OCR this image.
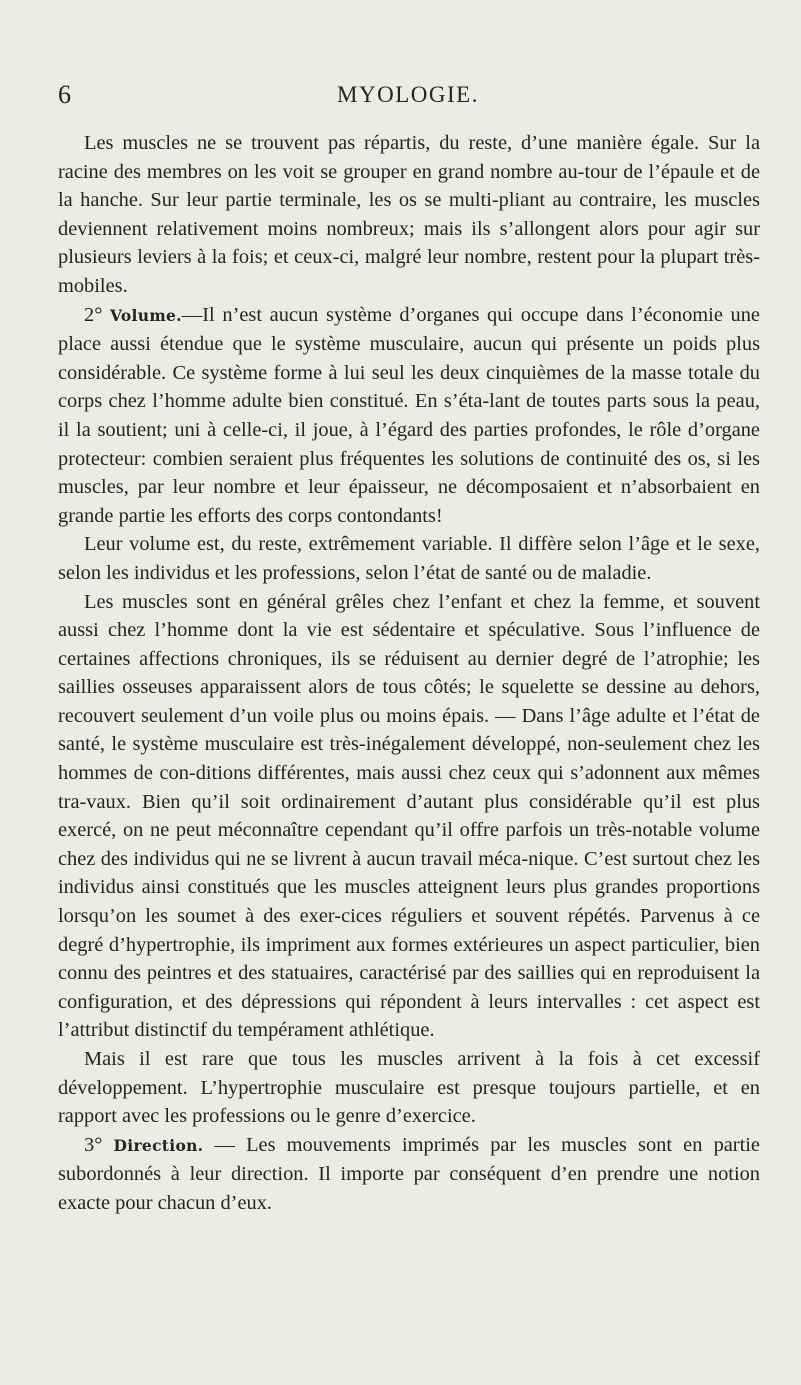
6	MYOLOGIE.

Les muscles ne se trouvent pas répartis, du reste, d’une manière égale. Sur la racine des membres on les voit se grouper en grand nombre au-tour de l’épaule et de la hanche. Sur leur partie terminale, les os se multi-pliant au contraire, les muscles deviennent relativement moins nombreux; mais ils s’allongent alors pour agir sur plusieurs leviers à la fois; et ceux-ci, malgré leur nombre, restent pour la plupart très-mobiles.

2° Volume.—Il n’est aucun système d’organes qui occupe dans l’économie une place aussi étendue que le système musculaire, aucun qui présente un poids plus considérable. Ce système forme à lui seul les deux cinquièmes de la masse totale du corps chez l’homme adulte bien constitué. En s’éta-lant de toutes parts sous la peau, il la soutient; uni à celle-ci, il joue, à l’égard des parties profondes, le rôle d’organe protecteur: combien seraient plus fréquentes les solutions de continuité des os, si les muscles, par leur nombre et leur épaisseur, ne décomposaient et n’absorbaient en grande partie les efforts des corps contondants!

Leur volume est, du reste, extrêmement variable. Il diffère selon l’âge et le sexe, selon les individus et les professions, selon l’état de santé ou de maladie.

Les muscles sont en général grêles chez l’enfant et chez la femme, et souvent aussi chez l’homme dont la vie est sédentaire et spéculative. Sous l’influence de certaines affections chroniques, ils se réduisent au dernier degré de l’atrophie; les saillies osseuses apparaissent alors de tous côtés; le squelette se dessine au dehors, recouvert seulement d’un voile plus ou moins épais. — Dans l’âge adulte et l’état de santé, le système musculaire est très-inégalement développé, non-seulement chez les hommes de con-ditions différentes, mais aussi chez ceux qui s’adonnent aux mêmes tra-vaux. Bien qu’il soit ordinairement d’autant plus considérable qu’il est plus exercé, on ne peut méconnaître cependant qu’il offre parfois un très-notable volume chez des individus qui ne se livrent à aucun travail méca-nique. C’est surtout chez les individus ainsi constitués que les muscles atteignent leurs plus grandes proportions lorsqu’on les soumet à des exer-cices réguliers et souvent répétés. Parvenus à ce degré d’hypertrophie, ils impriment aux formes extérieures un aspect particulier, bien connu des peintres et des statuaires, caractérisé par des saillies qui en reproduisent la configuration, et des dépressions qui répondent à leurs intervalles : cet aspect est l’attribut distinctif du tempérament athlétique.

Mais il est rare que tous les muscles arrivent à la fois à cet excessif développement. L’hypertrophie musculaire est presque toujours partielle, et en rapport avec les professions ou le genre d’exercice.

3° Direction. — Les mouvements imprimés par les muscles sont en partie subordonnés à leur direction. Il importe par conséquent d’en prendre une notion exacte pour chacun d’eux.
